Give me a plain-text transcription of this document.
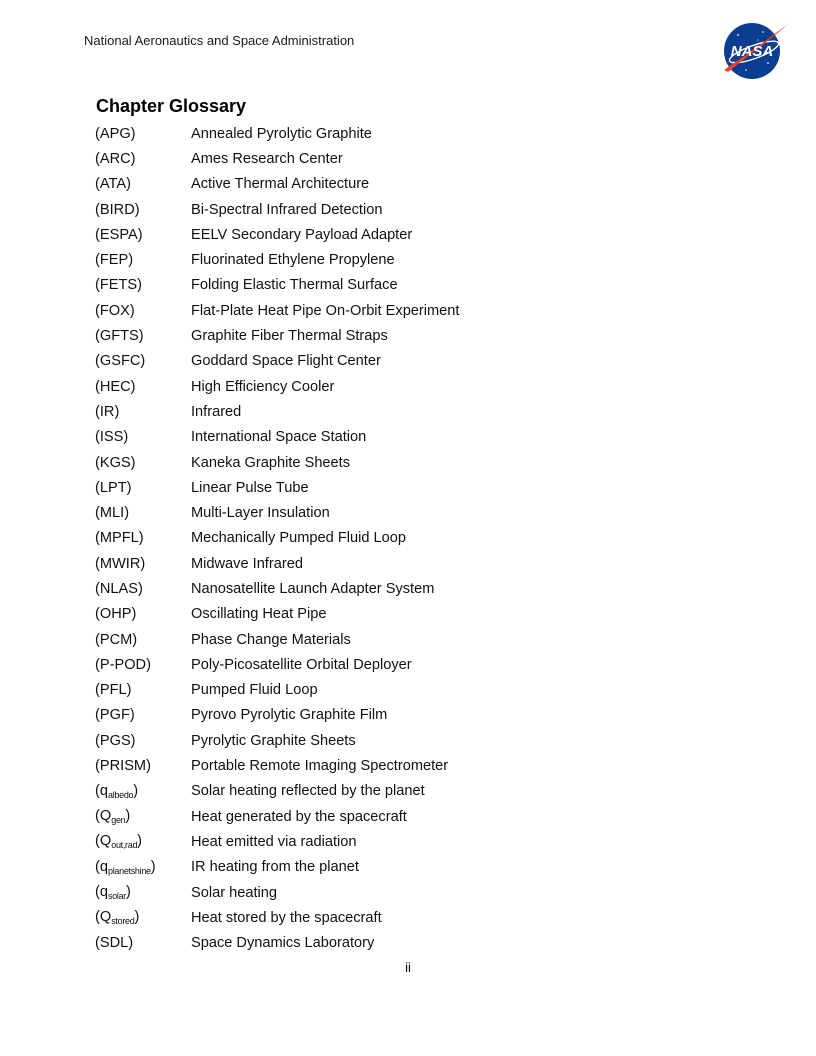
National Aeronautics and Space Administration
NASA
Chapter Glossary
(APG)	Annealed Pyrolytic Graphite
(ARC)	Ames Research Center
(ATA)	Active Thermal Architecture
(BIRD)	Bi-Spectral Infrared Detection
(ESPA)	EELV Secondary Payload Adapter
(FEP)	Fluorinated Ethylene Propylene
(FETS)	Folding Elastic Thermal Surface
(FOX)	Flat-Plate Heat Pipe On-Orbit Experiment
(GFTS)	Graphite Fiber Thermal Straps
(GSFC)	Goddard Space Flight Center
(HEC)	High Efficiency Cooler
(IR)	Infrared
(ISS)	International Space Station
(KGS)	Kaneka Graphite Sheets
(LPT)	Linear Pulse Tube
(MLI)	Multi-Layer Insulation
(MPFL)	Mechanically Pumped Fluid Loop
(MWIR)	Midwave Infrared
(NLAS)	Nanosatellite Launch Adapter System
(OHP)	Oscillating Heat Pipe
(PCM)	Phase Change Materials
(P-POD)	Poly-Picosatellite Orbital Deployer
(PFL)	Pumped Fluid Loop
(PGF)	Pyrovo Pyrolytic Graphite Film
(PGS)	Pyrolytic Graphite Sheets
(PRISM)	Portable Remote Imaging Spectrometer
$(q_{albedo})$	Solar heating reflected by the planet
$(Q_{gen})$	Heat generated by the spacecraft
$(Q_{out,rad})$	Heat emitted via radiation
$(q_{planetshine})$	IR heating from the planet
$(q_{solar})$	Solar heating
$(Q_{stored})$	Heat stored by the spacecraft
(SDL)	Space Dynamics Laboratory
ii
